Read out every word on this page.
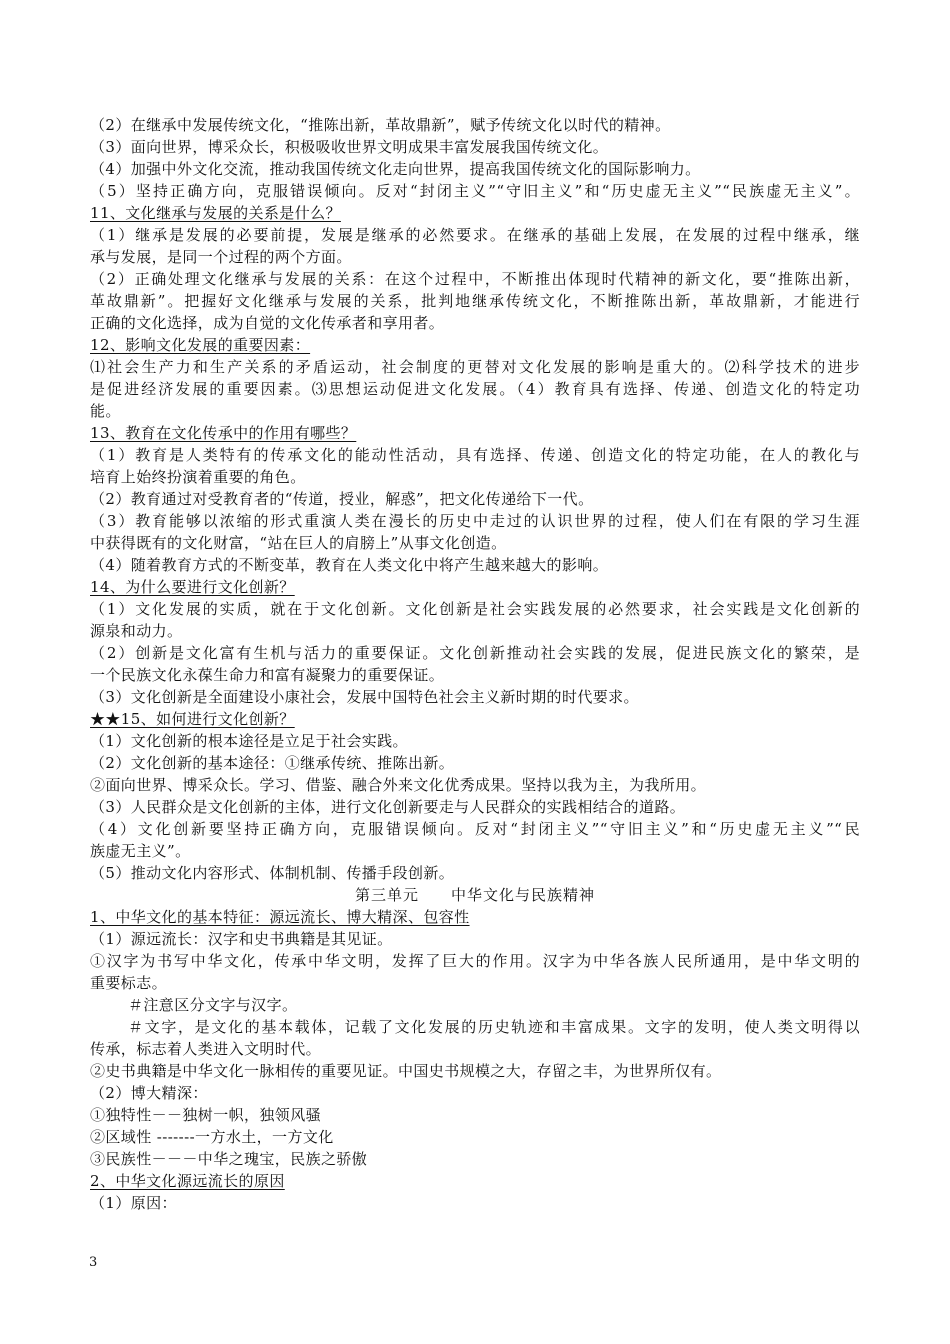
（2）在继承中发展传统文化，“推陈出新，革故鼎新”，赋予传统文化以时代的精神。
（3）面向世界，博采众长，积极吸收世界文明成果丰富发展我国传统文化。
（4）加强中外文化交流，推动我国传统文化走向世界，提高我国传统文化的国际影响力。
（5）坚持正确方向，克服错误倾向。反对“封闭主义”“守旧主义”和“历史虚无主义”“民族虚无主义”。
11、文化继承与发展的关系是什么？
（1）继承是发展的必要前提，发展是继承的必然要求。在继承的基础上发展，在发展的过程中继承，继
承与发展，是同一个过程的两个方面。
（2）正确处理文化继承与发展的关系：在这个过程中，不断推出体现时代精神的新文化，要“推陈出新，
革故鼎新”。把握好文化继承与发展的关系，批判地继承传统文化，不断推陈出新，革故鼎新，才能进行
正确的文化选择，成为自觉的文化传承者和享用者。
12、影响文化发展的重要因素：
⑴社会生产力和生产关系的矛盾运动，社会制度的更替对文化发展的影响是重大的。⑵科学技术的进步
是促进经济发展的重要因素。⑶思想运动促进文化发展。（4）教育具有选择、传递、创造文化的特定功
能。
13、教育在文化传承中的作用有哪些？
（1）教育是人类特有的传承文化的能动性活动，具有选择、传递、创造文化的特定功能，在人的教化与
培育上始终扮演着重要的角色。
（2）教育通过对受教育者的“传道，授业，解惑”，把文化传递给下一代。
（3）教育能够以浓缩的形式重演人类在漫长的历史中走过的认识世界的过程，使人们在有限的学习生涯
中获得既有的文化财富，“站在巨人的肩膀上”从事文化创造。
（4）随着教育方式的不断变革，教育在人类文化中将产生越来越大的影响。
14、为什么要进行文化创新？
（1）文化发展的实质，就在于文化创新。文化创新是社会实践发展的必然要求，社会实践是文化创新的
源泉和动力。
（2）创新是文化富有生机与活力的重要保证。文化创新推动社会实践的发展，促进民族文化的繁荣，是
一个民族文化永葆生命力和富有凝聚力的重要保证。
（3）文化创新是全面建设小康社会，发展中国特色社会主义新时期的时代要求。
★★15、如何进行文化创新？
（1）文化创新的根本途径是立足于社会实践。
（2）文化创新的基本途径：①继承传统、推陈出新。
②面向世界、博采众长。学习、借鉴、融合外来文化优秀成果。坚持以我为主，为我所用。
（3）人民群众是文化创新的主体，进行文化创新要走与人民群众的实践相结合的道路。
（4）文化创新要坚持正确方向，克服错误倾向。反对“封闭主义”“守旧主义”和“历史虚无主义”“民
族虚无主义”。
（5）推动文化内容形式、体制机制、传播手段创新。
第三单元　　中华文化与民族精神
1、中华文化的基本特征：源远流长、博大精深、包容性
（1）源远流长：汉字和史书典籍是其见证。
①汉字为书写中华文化，传承中华文明，发挥了巨大的作用。汉字为中华各族人民所通用，是中华文明的
重要标志。
＃注意区分文字与汉字。
＃文字，是文化的基本载体，记载了文化发展的历史轨迹和丰富成果。文字的发明，使人类文明得以
传承，标志着人类进入文明时代。
②史书典籍是中华文化一脉相传的重要见证。中国史书规模之大，存留之丰，为世界所仅有。
（2）博大精深：
①独特性－－独树一帜，独领风骚
②区域性 -------一方水土，一方文化
③民族性－－－中华之瑰宝，民族之骄傲
2、中华文化源远流长的原因
（1）原因：
3
